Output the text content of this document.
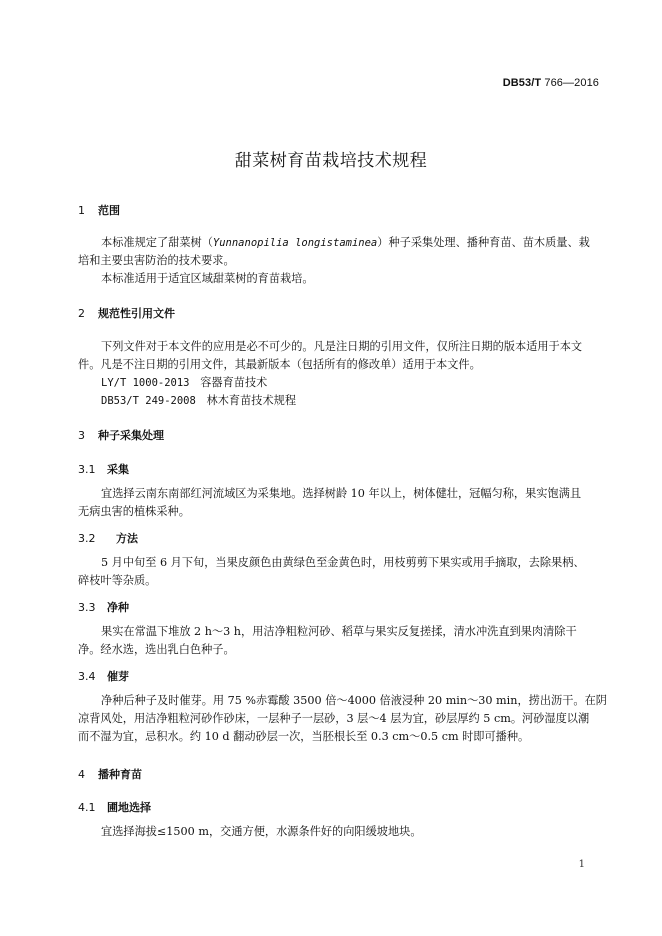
DB53/T 766—2016
甜菜树育苗栽培技术规程
1 范围
本标准规定了甜菜树（Yunnanopilia longistaminea）种子采集处理、播种育苗、苗木质量、栽
培和主要虫害防治的技术要求。
本标准适用于适宜区域甜菜树的育苗栽培。
2 规范性引用文件
下列文件对于本文件的应用是必不可少的。凡是注日期的引用文件，仅所注日期的版本适用于本文
件。凡是不注日期的引用文件，其最新版本（包括所有的修改单）适用于本文件。
LY/T 1000-2013 容器育苗技术
DB53/T 249-2008 林木育苗技术规程
3 种子采集处理
3.1 采集
宜选择云南东南部红河流域区为采集地。选择树龄 10 年以上，树体健壮，冠幅匀称，果实饱满且
无病虫害的植株采种。
3.2 方法
5 月中旬至 6 月下旬，当果皮颜色由黄绿色至金黄色时，用枝剪剪下果实或用手摘取，去除果柄、
碎枝叶等杂质。
3.3 净种
果实在常温下堆放 2 h～3 h，用洁净粗粒河砂、稻草与果实反复搓揉，清水冲洗直到果肉清除干
净。经水选，选出乳白色种子。
3.4 催芽
净种后种子及时催芽。用 75 %赤霉酸 3500 倍～4000 倍液浸种 20 min～30 min，捞出沥干。在阴
凉背风处，用洁净粗粒河砂作砂床，一层种子一层砂，3 层～4 层为宜，砂层厚约 5 cm。河砂湿度以潮
而不湿为宜，忌积水。约 10 d 翻动砂层一次，当胚根长至 0.3 cm～0.5 cm 时即可播种。
4 播种育苗
4.1 圃地选择
宜选择海拔≤1500 m，交通方便，水源条件好的向阳缓坡地块。
1
